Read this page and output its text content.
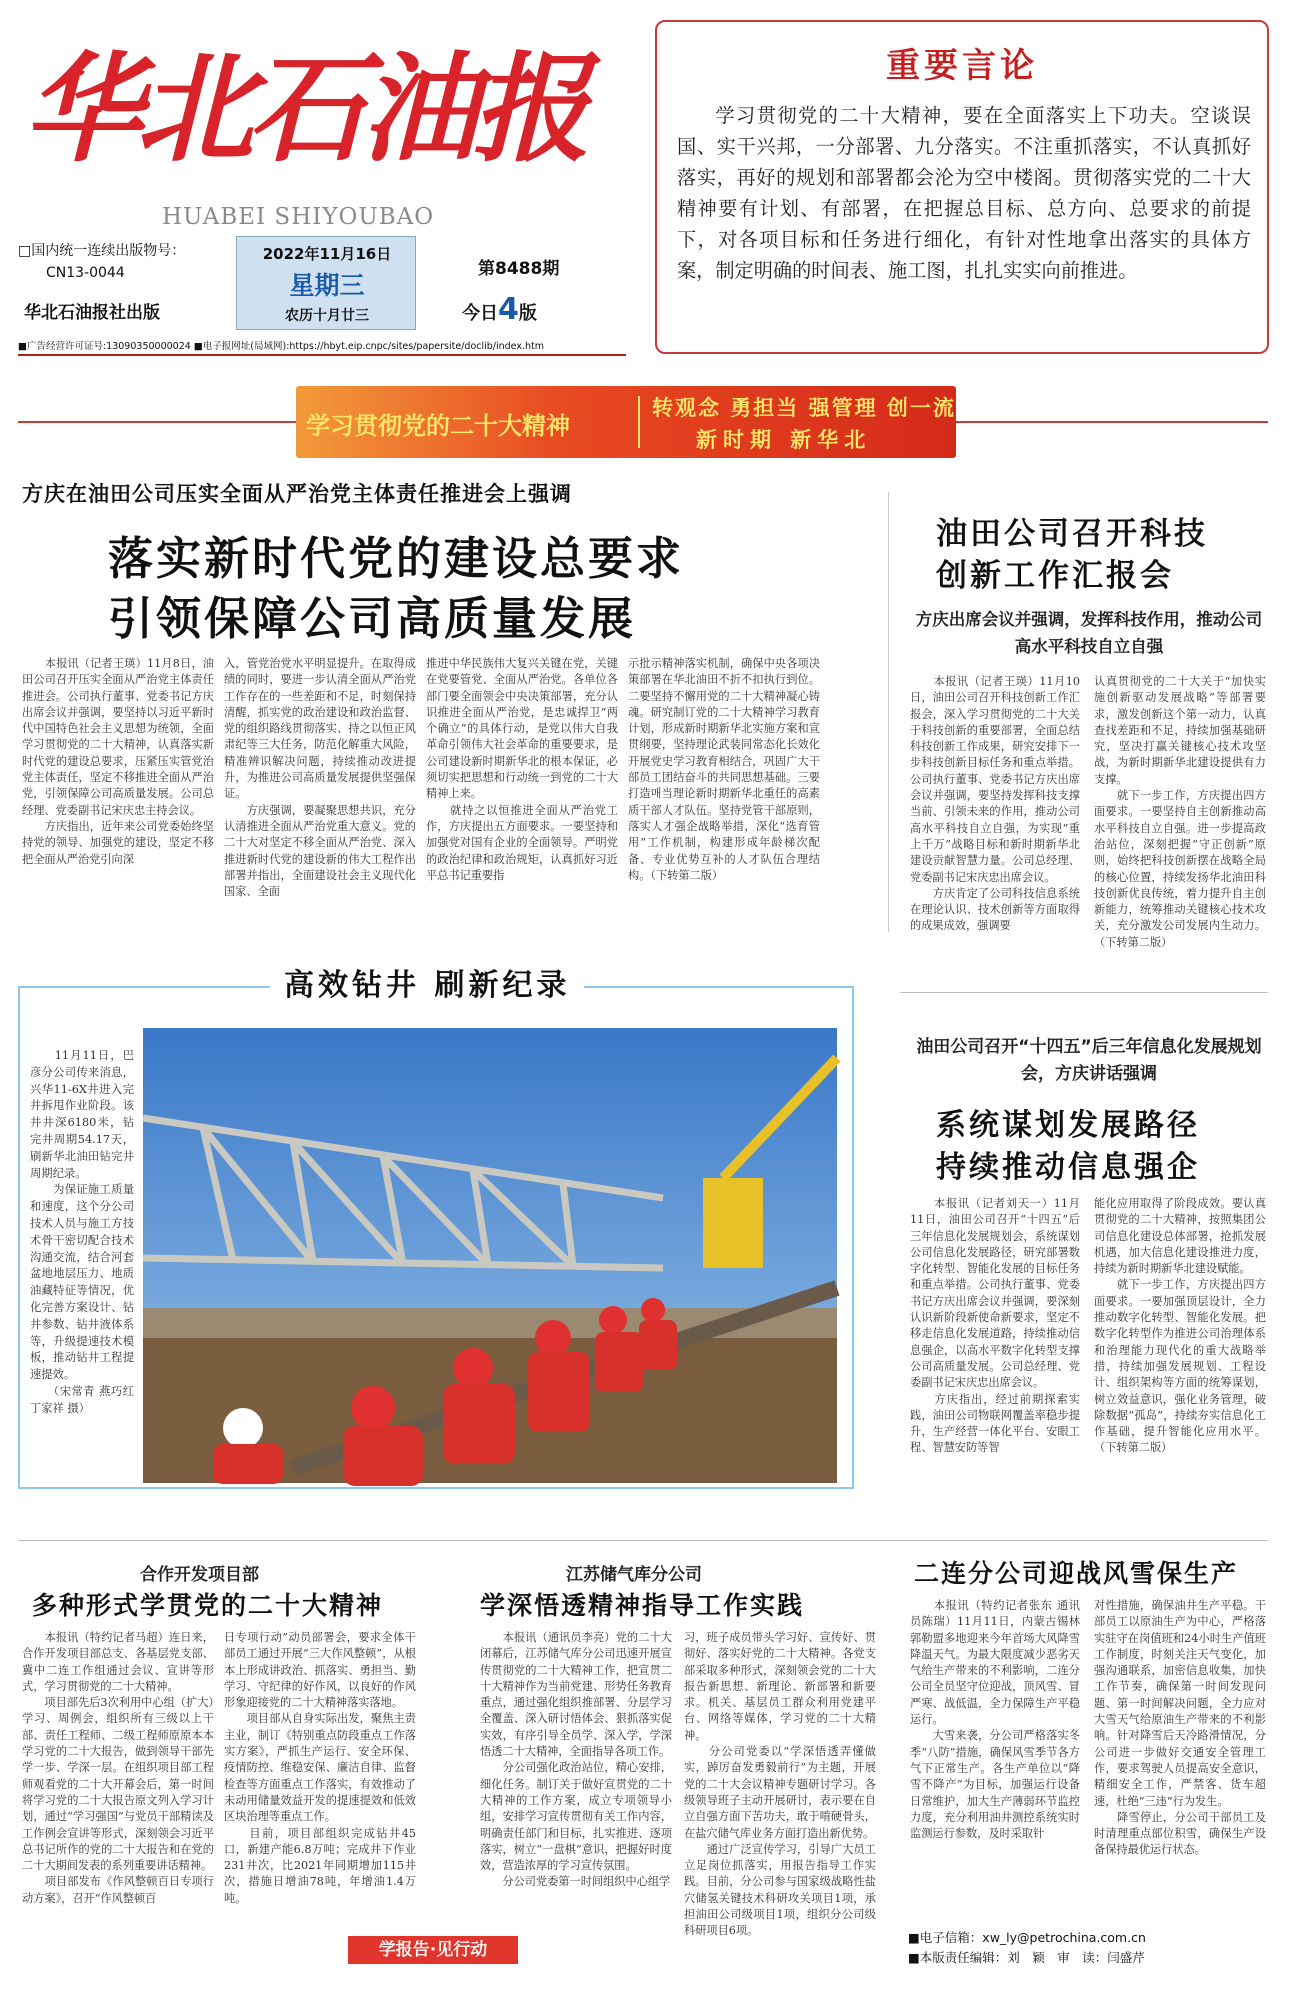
华北石油报
HUABEI SHIYOUBAO
□国内统一连续出版物号：
CN13-0044
2022年11月16日
星期三
农历十月廿三
第8488期
今日4版
华北石油报社出版
■广告经营许可证号:13090350000024 ■电子报网址(局域网):https://hbyt.eip.cnpc/sites/papersite/doclib/index.htm
重要言论
学习贯彻党的二十大精神，要在全面落实上下功夫。空谈误国、实干兴邦，一分部署、九分落实。不注重抓落实，不认真抓好落实，再好的规划和部署都会沦为空中楼阁。贯彻落实党的二十大精神要有计划、有部署，在把握总目标、总方向、总要求的前提下，对各项目标和任务进行细化，有针对性地拿出落实的具体方案，制定明确的时间表、施工图，扎扎实实向前推进。
学习贯彻党的二十大精神
转观念 勇担当 强管理 创一流
新时期 新华北
方庆在油田公司压实全面从严治党主体责任推进会上强调
落实新时代党的建设总要求
引领保障公司高质量发展
　　本报讯（记者王瑛）11月8日，油田公司召开压实全面从严治党主体责任推进会。公司执行董事、党委书记方庆出席会议并强调，要坚持以习近平新时代中国特色社会主义思想为统领，全面学习贯彻党的二十大精神，认真落实新时代党的建设总要求，压紧压实管党治党主体责任，坚定不移推进全面从严治党，引领保障公司高质量发展。公司总经理、党委副书记宋庆忠主持会议。
　　方庆指出，近年来公司党委始终坚持党的领导、加强党的建设，坚定不移把全面从严治党引向深
入，管党治党水平明显提升。在取得成绩的同时，要进一步认清全面从严治党工作存在的一些差距和不足，时刻保持清醒，抓实党的政治建设和政治监督、党的组织路线贯彻落实、持之以恒正风肃纪等三大任务，防范化解重大风险，精准辨识解决问题，持续推动改进提升，为推进公司高质量发展提供坚强保证。
　　方庆强调，要凝聚思想共识，充分认清推进全面从严治党重大意义。党的二十大对坚定不移全面从严治党、深入推进新时代党的建设新的伟大工程作出部署并指出，全面建设社会主义现代化国家、全面
推进中华民族伟大复兴关键在党，关键在党要管党、全面从严治党。各单位各部门要全面领会中央决策部署，充分认识推进全面从严治党，是忠诚捍卫“两个确立”的具体行动，是党以伟大自我革命引领伟大社会革命的重要要求，是公司建设新时期新华北的根本保证，必须切实把思想和行动统一到党的二十大精神上来。
　　就持之以恒推进全面从严治党工作，方庆提出五方面要求。一要坚持和加强党对国有企业的全面领导。严明党的政治纪律和政治规矩，认真抓好习近平总书记重要指
示批示精神落实机制，确保中央各项决策部署在华北油田不折不扣执行到位。二要坚持不懈用党的二十大精神凝心铸魂。研究制订党的二十大精神学习教育计划，形成新时期新华北实施方案和宣贯纲要，坚持理论武装同常态化长效化开展党史学习教育相结合，巩固广大干部员工团结奋斗的共同思想基础。三要打造매当理论新时期新华北重任的高素质干部人才队伍。坚持党管干部原则，落实人才强企战略举措，深化“选育管用”工作机制，构建形成年龄梯次配备、专业优势互补的人才队伍合理结构。（下转第二版）
油田公司召开科技
创新工作汇报会
方庆出席会议并强调，发挥科技作用，推动公司高水平科技自立自强
　　本报讯（记者王瑛）11月10日，油田公司召开科技创新工作汇报会，深入学习贯彻党的二十大关于科技创新的重要部署，全面总结科技创新工作成果，研究安排下一步科技创新目标任务和重点举措。公司执行董事、党委书记方庆出席会议并强调，要坚持发挥科技支撑当前、引领未来的作用，推动公司高水平科技自立自强，为实现“重上千万”战略目标和新时期新华北建设贡献智慧力量。公司总经理、党委副书记宋庆忠出席会议。
　　方庆肯定了公司科技信息系统在理论认识、技术创新等方面取得的成果成效，强调要
认真贯彻党的二十大关于“加快实施创新驱动发展战略”等部署要求，激发创新这个第一动力，认真查找差距和不足，持续加强基础研究，坚决打赢关键核心技术攻坚战，为新时期新华北建设提供有力支撑。
　　就下一步工作，方庆提出四方面要求。一要坚持自主创新推动高水平科技自立自强。进一步提高政治站位，深刻把握“守正创新”原则，始终把科技创新摆在战略全局的核心位置，持续发扬华北油田科技创新优良传统，着力提升自主创新能力，统筹推动关键核心技术攻关，充分激发公司发展内生动力。（下转第二版）
高效钻井 刷新纪录
　　11月11日，巴彦分公司传来消息，兴华11-6X井进入完井拆甩作业阶段。该井井深6180米，钻完井周期54.17天，刷新华北油田钻完井周期纪录。
　　为保证施工质量和速度，这个分公司技术人员与施工方技术骨干密切配合技术沟通交流，结合河套盆地地层压力、地质油藏特征等情况，优化完善方案设计、钻井参数、钻井液体系等，升级提速技术模板，推动钻井工程提速提效。
　　（宋常青 燕巧红 丁家祥 摄）
油田公司召开“十四五”后三年信息化发展规划会，方庆讲话强调
系统谋划发展路径
持续推动信息强企
　　本报讯（记者刘天一）11月11日，油田公司召开“十四五”后三年信息化发展规划会，系统谋划公司信息化发展路径，研究部署数字化转型、智能化发展的目标任务和重点举措。公司执行董事、党委书记方庆出席会议并强调，要深刻认识新阶段新使命新要求，坚定不移走信息化发展道路，持续推动信息强企，以高水平数字化转型支撑公司高质量发展。公司总经理、党委副书记宋庆忠出席会议。
　　方庆指出，经过前期探索实践，油田公司物联网覆盖率稳步提升，生产经营一体化平台、安眼工程、智慧安防等智
能化应用取得了阶段成效。要认真贯彻党的二十大精神，按照集团公司信息化建设总体部署，抢抓发展机遇，加大信息化建设推进力度，持续为新时期新华北建设赋能。
　　就下一步工作，方庆提出四方面要求。一要加强顶层设计，全力推动数字化转型、智能化发展。把数字化转型作为推进公司治理体系和治理能力现代化的重大战略举措，持续加强发展规划、工程设计、组织架构等方面的统筹谋划，树立效益意识，强化业务管理，破除数据“孤岛”，持续夯实信息化工作基础，提升智能化应用水平。（下转第二版）
合作开发项目部
多种形式学贯党的二十大精神
　　本报讯（特约记者马超）连日来，合作开发项目部总支、各基层党支部、冀中二连工作组通过会议、宣讲等形式，学习贯彻党的二十大精神。
　　项目部先后3次利用中心组（扩大）学习、周例会，组织所有三级以上干部、责任工程师、二级工程师原原本本学习党的二十大报告，做到领导干部先学一步、学深一层。在组织项目部工程师观看党的二十大开幕会后，第一时间将学习党的二十大报告原文列入学习计划，通过“学习强国”与党员干部精读及工作例会宣讲等形式，深刻领会习近平总书记所作的党的二十大报告和在党的二十大期间发表的系列重要讲话精神。
　　项目部发布《作风整顿百日专项行动方案》，召开“作风整顿百
日专项行动”动员部署会，要求全体干部员工通过开展“三大作风整顿”，从根本上形成讲政治、抓落实、勇担当、勤学习、守纪律的好作风，以良好的作风形象迎接党的二十大精神落实落地。
　　项目部从自身实际出发，聚焦主责主业，制订《特别重点防段重点工作落实方案》，严抓生产运行、安全环保、疫情防控、维稳安保、廉洁自律、监督检查等方面重点工作落实，有效推动了未动用储量效益开发的提速提效和低效区块治理等重点工作。
　　目前，项目部组织完成钻井45口，新建产能6.8万吨；完成井下作业231井次，比2021年同期增加115井次，措施日增油78吨，年增油1.4万吨。
江苏储气库分公司
学深悟透精神指导工作实践
　　本报讯（通讯员李亮）党的二十大闭幕后，江苏储气库分公司迅速开展宣传贯彻党的二十大精神工作，把宣贯二十大精神作为当前党建、形势任务教育重点，通过强化组织推部署、分层学习全覆盖、深入研讨悟体会、狠抓落实促实效，有序引导全员学、深入学，学深悟透二十大精神，全面指导各项工作。
　　分公司强化政治站位，精心安排，细化任务。制订关于做好宣贯党的二十大精神的工作方案，成立专项领导小组，安排学习宣传贯彻有关工作内容，明确责任部门和目标，扎实推进、逐项落实，树立“一盘棋”意识，把握好时度效，营造浓厚的学习宣传氛围。
　　分公司党委第一时间组织中心组学
习，班子成员带头学习好、宣传好、贯彻好、落实好党的二十大精神。各党支部采取多种形式，深刻领会党的二十大报告新思想、新理论、新部署和新要求。机关、基层员工群众利用党建平台、网络等媒体，学习党的二十大精神。
　　分公司党委以“学深悟透弄懂做实，踔厉奋发勇毅前行”为主题，开展党的二十大会议精神专题研讨学习。各级领导班子主动开展研讨，表示要在自立自强方面下苦功夫，敢于啃硬骨头，在盐穴储气库业务方面打造出新优势。
　　通过广泛宣传学习，引导广大员工立足岗位抓落实，用报告指导工作实践。目前，分公司参与国家级战略性盐穴储氢关键技术科研攻关项目1项，承担油田公司级项目1项，组织分公司级科研项目6项。
二连分公司迎战风雪保生产
　　本报讯（特约记者张东 通讯员陈瑞）11月11日，内蒙古锡林郭勒盟多地迎来今年首场大风降雪降温天气。为最大限度减少恶劣天气给生产带来的不利影响，二连分公司全员坚守位迎战，顶风雪、冒严寒、战低温，全力保障生产平稳运行。
　　大雪来袭，分公司严格落实冬季“八防”措施，确保风雪季节各方气下正常生产。各生产单位以“降雪不降产”为目标，加强运行设备日常维护，加大生产薄弱环节监控力度，充分利用油井测控系统实时监测运行参数，及时采取针
对性措施，确保油井生产平稳。干部员工以原油生产为中心，严格落实驻守在岗值班和24小时生产值班工作制度，时刻关注天气变化，加强沟通联系，加密信息收集，加快工作节奏，确保第一时间发现问题、第一时间解决问题，全力应对大雪天气给原油生产带来的不利影响。针对降雪后天冷路滑情况，分公司进一步做好交通安全管理工作，要求驾驶人员提高安全意识，精细安全工作，严禁客、货车超速，杜绝“三违”行为发生。
　　降雪停止，分公司干部员工及时清理重点部位积雪，确保生产设备保持最优运行状态。
学报告·见行动
■电子信箱：xw_ly@petrochina.com.cn
■本版责任编辑：刘　颖　审　读：闫盛芹
